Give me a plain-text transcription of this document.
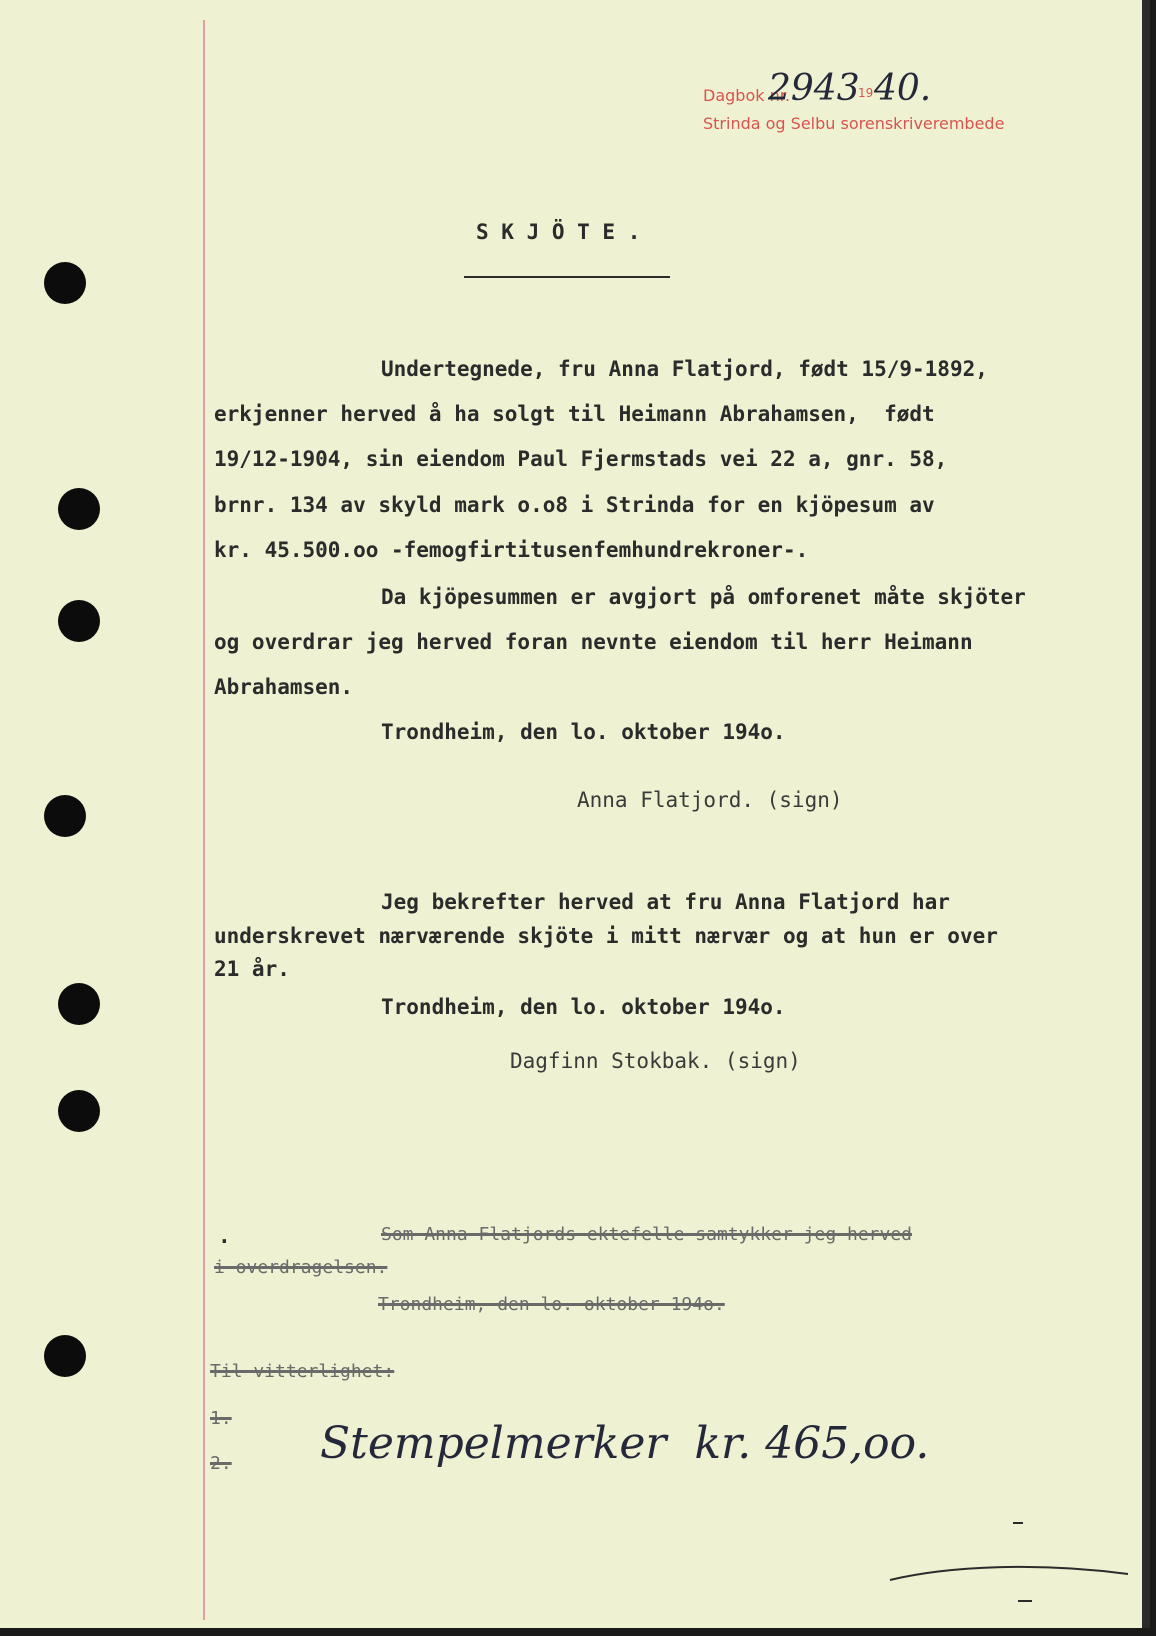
Dagbok nr.
2943
19 40.
Strinda og Selbu sorenskriverembede
S K J Ö T E .
Undertegnede, fru Anna Flatjord, født 15/9-1892,
erkjenner herved å ha solgt til Heimann Abrahamsen,  født
19/12-1904, sin eiendom Paul Fjermstads vei 22 a, gnr. 58,
brnr. 134 av skyld mark o.o8 i Strinda for en kjöpesum av
kr. 45.500.oo -femogfirtitusenfemhundrekroner-.
Da kjöpesummen er avgjort på omforenet måte skjöter
og overdrar jeg herved foran nevnte eiendom til herr Heimann
Abrahamsen.
Trondheim, den lo. oktober 194o.
Anna Flatjord. (sign)
Jeg bekrefter herved at fru Anna Flatjord har
underskrevet nærværende skjöte i mitt nærvær og at hun er over
21 år.
Trondheim, den lo. oktober 194o.
Dagfinn Stokbak. (sign)
.	Som Anna Flatjords ektefelle samtykker jeg herved
i overdragelsen.
Trondheim, den lo. oktober 194o.
Til vitterlighet:
1.
2. Stempelmerker  kr. 465,oo.
